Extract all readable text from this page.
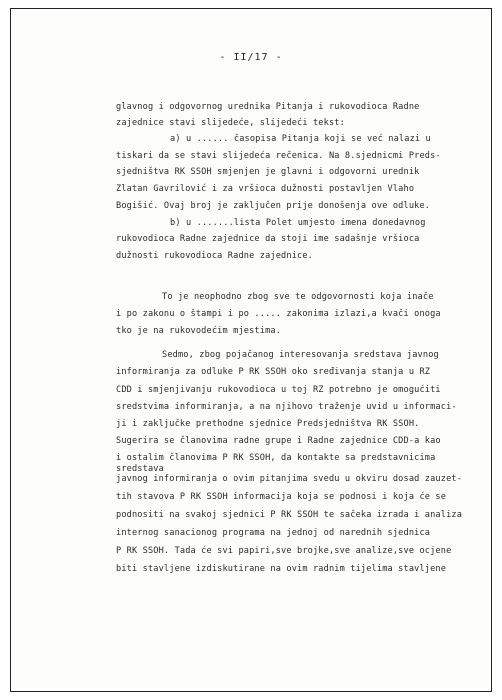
- II/17 -
glavnog i odgovornog urednika Pitanja i rukovodioca Radne
zajednice stavi slijedeće, slijedeći tekst:
a) u ...... časopisa Pitanja koji se već nalazi u
tiskari da se stavi slijedeća rečenica. Na 8.sjednicmi Preds-
sjedništva RK SSOH smjenjen je glavni i odgovorni urednik
Zlatan Gavrilović i za vršioca dužnosti postavljen Vlaho
Bogišić. Ovaj broj je zaključen prije donošenja ove odluke.
b) u .......lista Polet umjesto imena donedavnog
rukovodioca Radne zajednice da stoji ime sadašnje vršioca
dužnosti rukovodioca Radne zajednice.
To je neophodno zbog sve te odgovornosti koja inače
i po zakonu o štampi i po ..... zakonima izlazi,a kvači onoga
tko je na rukovodećim mjestima.
Sedmo, zbog pojačanog interesovanja sredstava javnog
informiranja za odluke P RK SSOH oko sređivanja stanja u RZ
CDD i smjenjivanju rukovodioca u toj RZ potrebno je omogućiti
sredstvima informiranja, a na njihovo traženje uvid u informaci-
ji i zaključke prethodne sjednice Predsjedništva RK SSOH.
Sugerira se članovima radne grupe i Radne zajednice CDD-a kao
i ostalim članovima P RK SSOH, da kontakte sa predstavnicima
sredstava
javnog informiranja o ovim pitanjima svedu u okviru dosad zauzet-
tih stavova P RK SSOH informacija koja se podnosi i koja će se
podnositi na svakoj sjednici P RK SSOH te sačeka izrada i analiza
internog sanacionog programa na jednoj od narednih sjednica
P RK SSOH. Tada će svi papiri,sve brojke,sve analize,sve ocjene
biti stavljene izdiskutirane na ovim radnim tijelima stavljene
